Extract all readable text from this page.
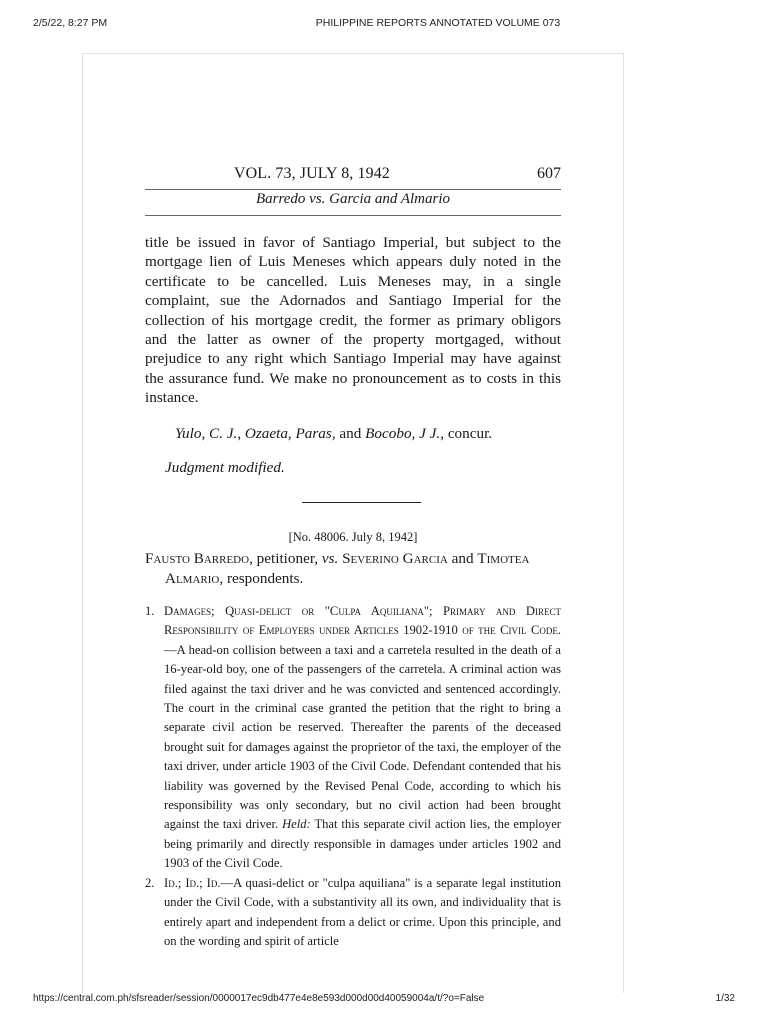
2/5/22, 8:27 PM	PHILIPPINE REPORTS ANNOTATED VOLUME 073
VOL. 73, JULY 8, 1942	607
Barredo vs. Garcia and Almario
title be issued in favor of Santiago Imperial, but subject to the mortgage lien of Luis Meneses which appears duly noted in the certificate to be cancelled. Luis Meneses may, in a single complaint, sue the Adornados and Santiago Imperial for the collection of his mortgage credit, the former as primary obligors and the latter as owner of the property mortgaged, without prejudice to any right which Santiago Imperial may have against the assurance fund. We make no pronouncement as to costs in this instance.
Yulo, C. J., Ozaeta, Paras, and Bocobo, J J., concur.
Judgment modified.
[No. 48006. July 8, 1942]
Fausto Barredo, petitioner, vs. Severino Garcia and Timotea
Almario, respondents.
1. Damages; Quasi-delict or "Culpa Aquiliana"; Primary and Direct Responsibility of Employers under Articles 1902-1910 of the Civil Code.—A head-on collision between a taxi and a carretela resulted in the death of a 16-year-old boy, one of the passengers of the carretela. A criminal action was filed against the taxi driver and he was convicted and sentenced accordingly. The court in the criminal case granted the petition that the right to bring a separate civil action be reserved. Thereafter the parents of the deceased brought suit for damages against the proprietor of the taxi, the employer of the taxi driver, under article 1903 of the Civil Code. Defendant contended that his liability was governed by the Revised Penal Code, according to which his responsibility was only secondary, but no civil action had been brought against the taxi driver. Held: That this separate civil action lies, the employer being primarily and directly responsible in damages under articles 1902 and 1903 of the Civil Code.
2. Id.; Id.; Id.—A quasi-delict or "culpa aquiliana" is a separate legal institution under the Civil Code, with a substantivity all its own, and individuality that is entirely apart and independent from a delict or crime. Upon this principle, and on the wording and spirit of article
https://central.com.ph/sfsreader/session/0000017ec9db477e4e8e593d000d00d40059004a/t/?o=False	1/32
